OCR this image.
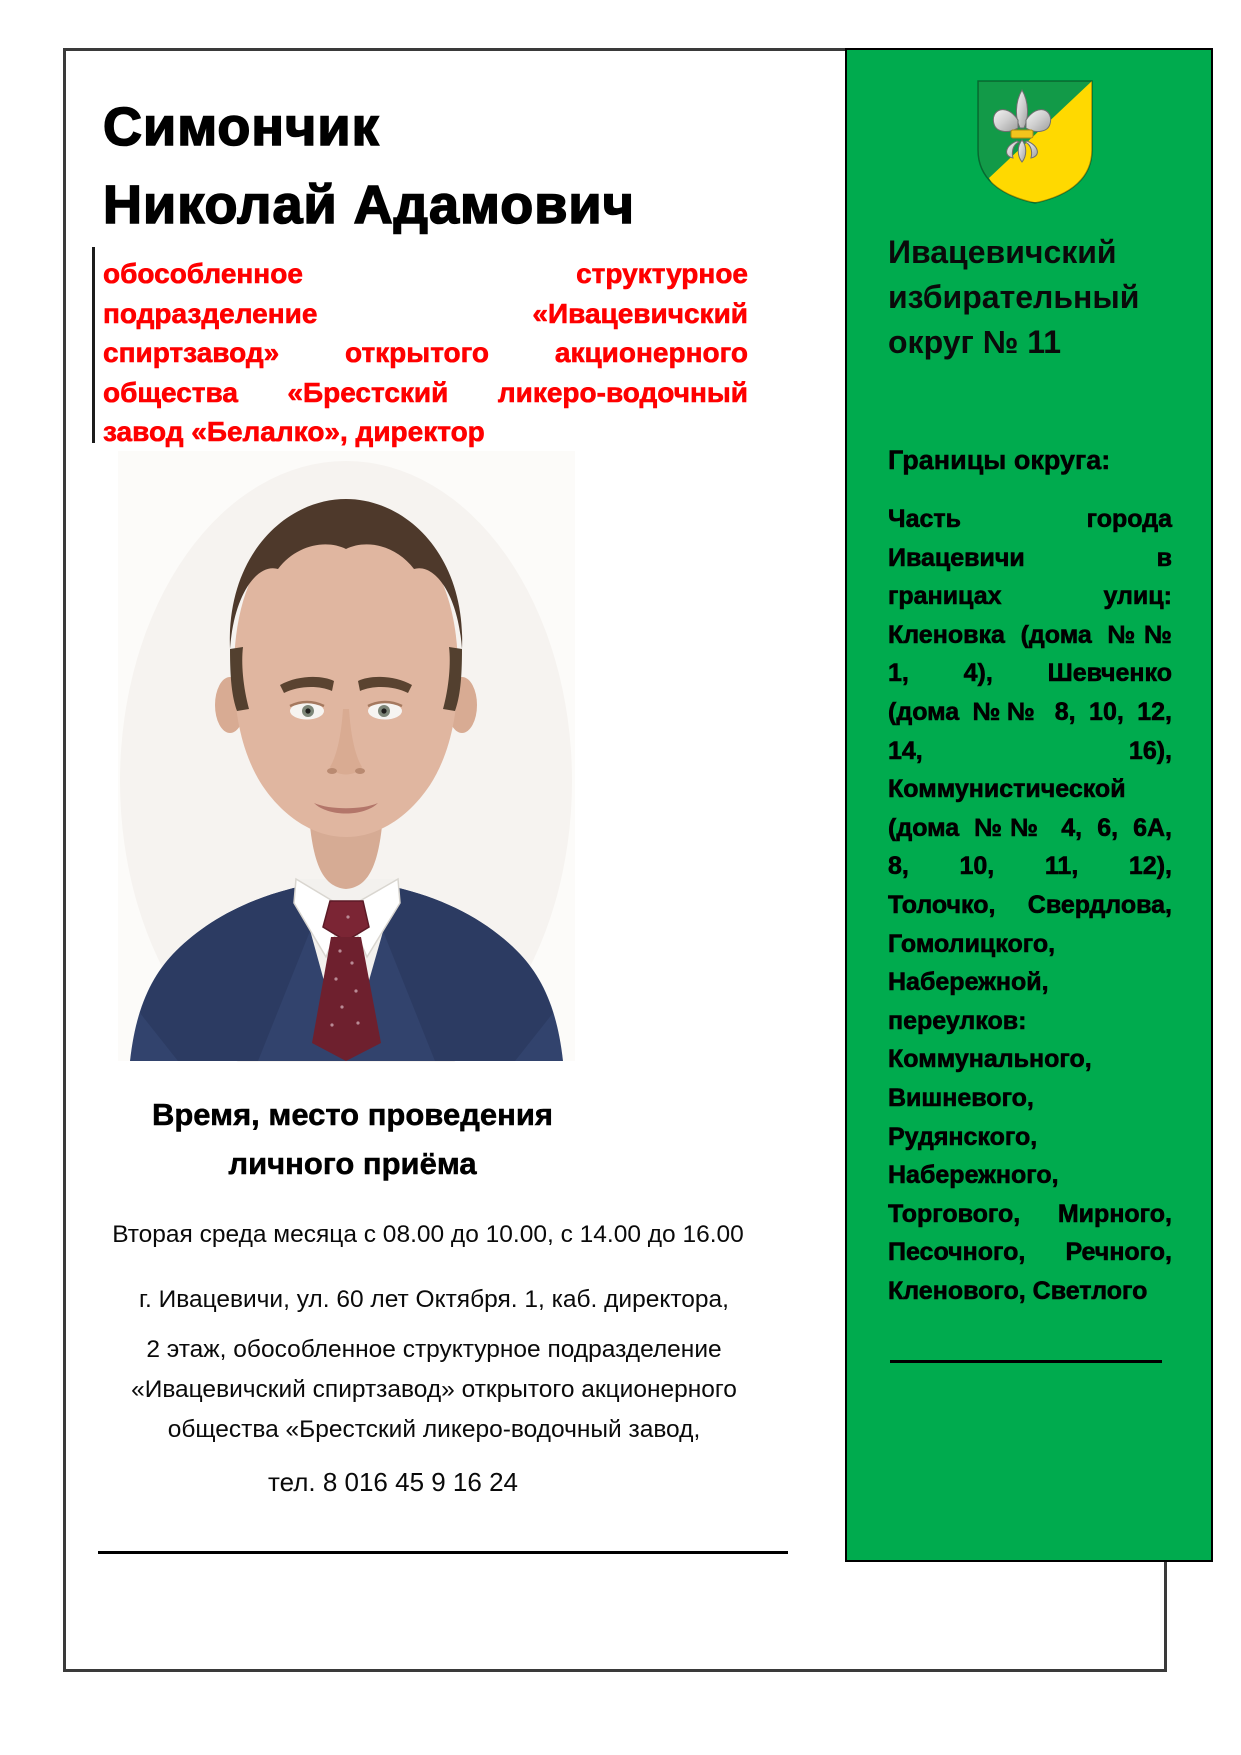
Симончик
Николай Адамович
обособленное структурное
подразделение «Ивацевичский
спиртзавод» открытого акционерного
общества «Брестский ликеро-водочный
завод «Белалко», директор
Время, место проведения личного приёма
Вторая среда месяца с 08.00 до 10.00, с 14.00 до 16.00
г. Ивацевичи, ул. 60 лет Октября. 1, каб. директора,
2 этаж, обособленное структурное подразделение «Ивацевичский спиртзавод» открытого акционерного общества «Брестский ликеро-водочный завод,
тел. 8 016 45 9 16 24
Ивацевичский избирательный округ № 11
Границы округа:
Часть города
Ивацевичи в
границах улиц:
Кленовка (дома №№
1, 4), Шевченко
(дома №№ 8, 10, 12,
14, 16),
Коммунистической
(дома №№ 4, 6, 6А,
8, 10, 11, 12),
Толочко, Свердлова,
Гомолицкого,
Набережной,
переулков:
Коммунального,
Вишневого,
Рудянского,
Набережного,
Торгового, Мирного,
Песочного, Речного,
Кленового, Светлого
